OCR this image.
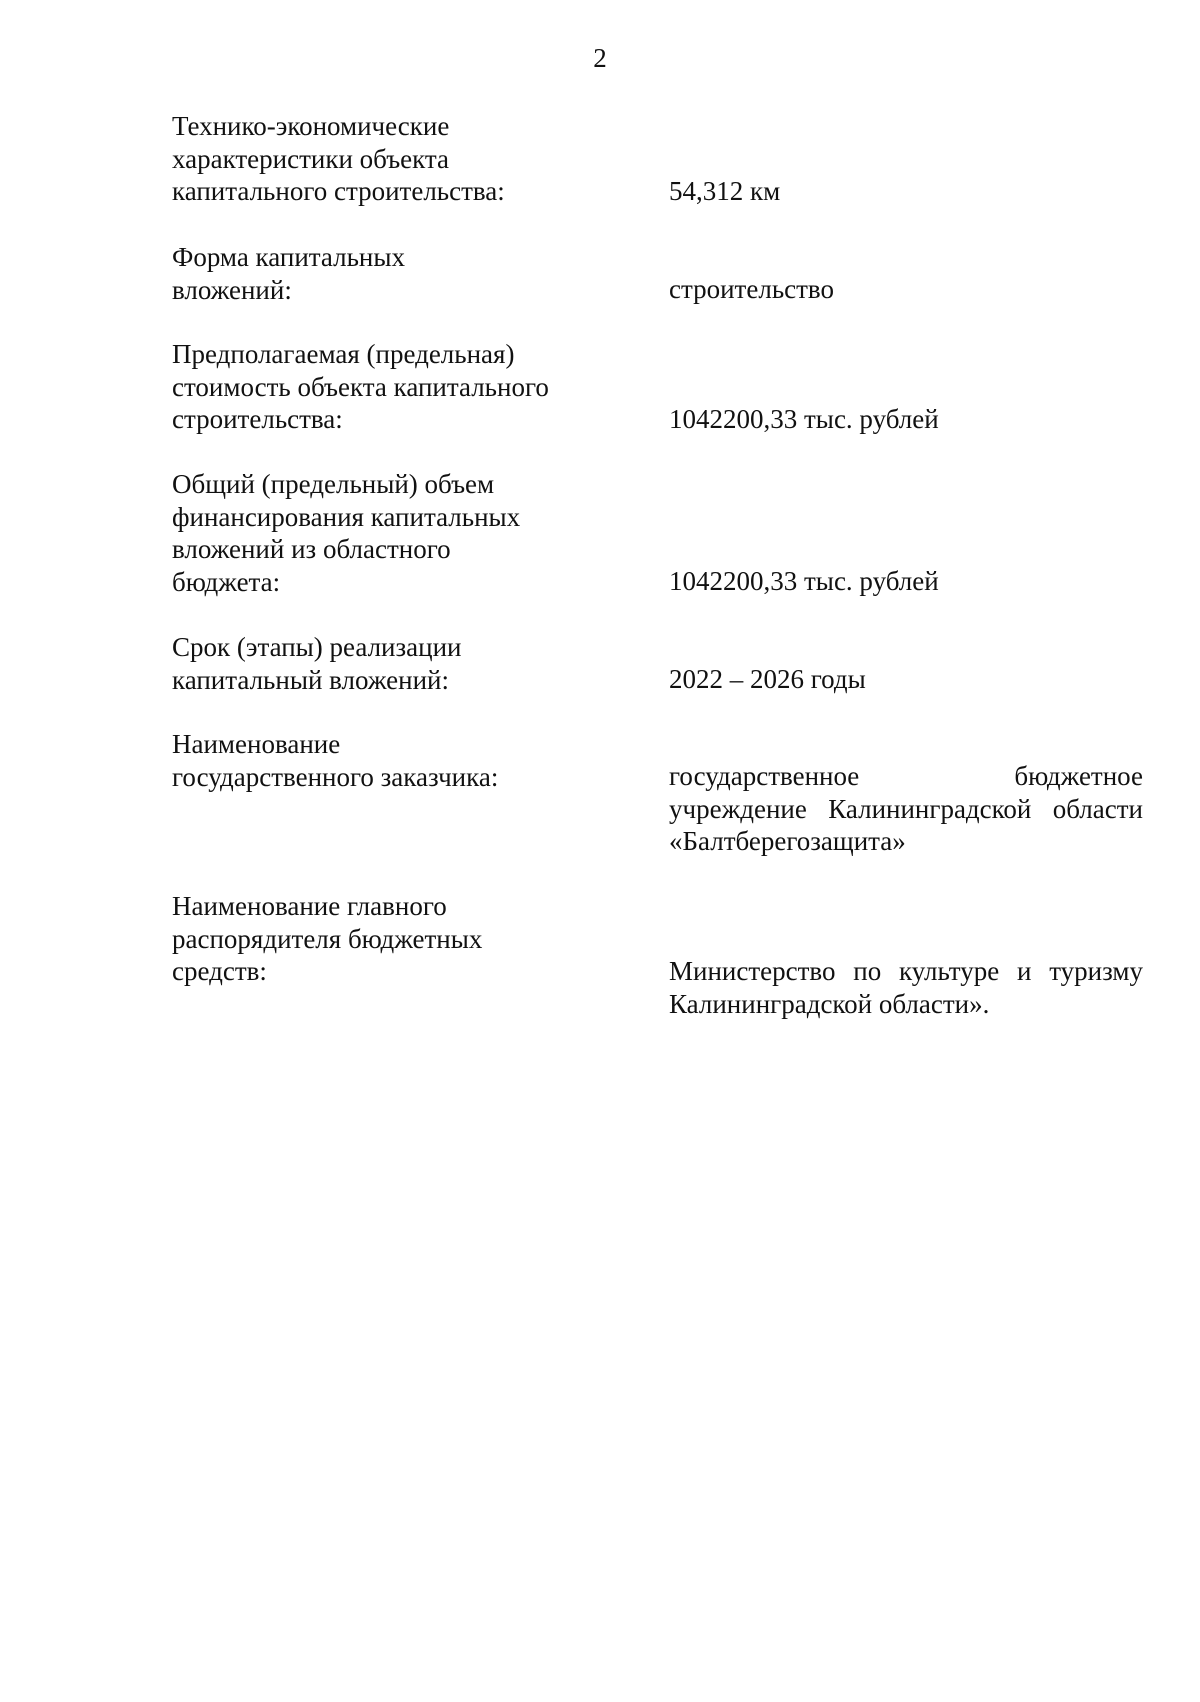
2
Технико-экономические
характеристики объекта
капитального строительства:	54,312 км
Форма капитальных
вложений:	строительство
Предполагаемая (предельная)
стоимость объекта капитального
строительства:	1042200,33 тыс. рублей
Общий (предельный) объем
финансирования капитальных
вложений из областного
бюджета:	1042200,33 тыс. рублей
Срок (этапы) реализации
капитальный вложений:	2022 – 2026 годы
Наименование
государственного заказчика:	государственное бюджетное
учреждение Калининградской области
«Балтберегозащита»
Наименование главного
распорядителя бюджетных
средств:	Министерство по культуре и туризму
Калининградской области».
